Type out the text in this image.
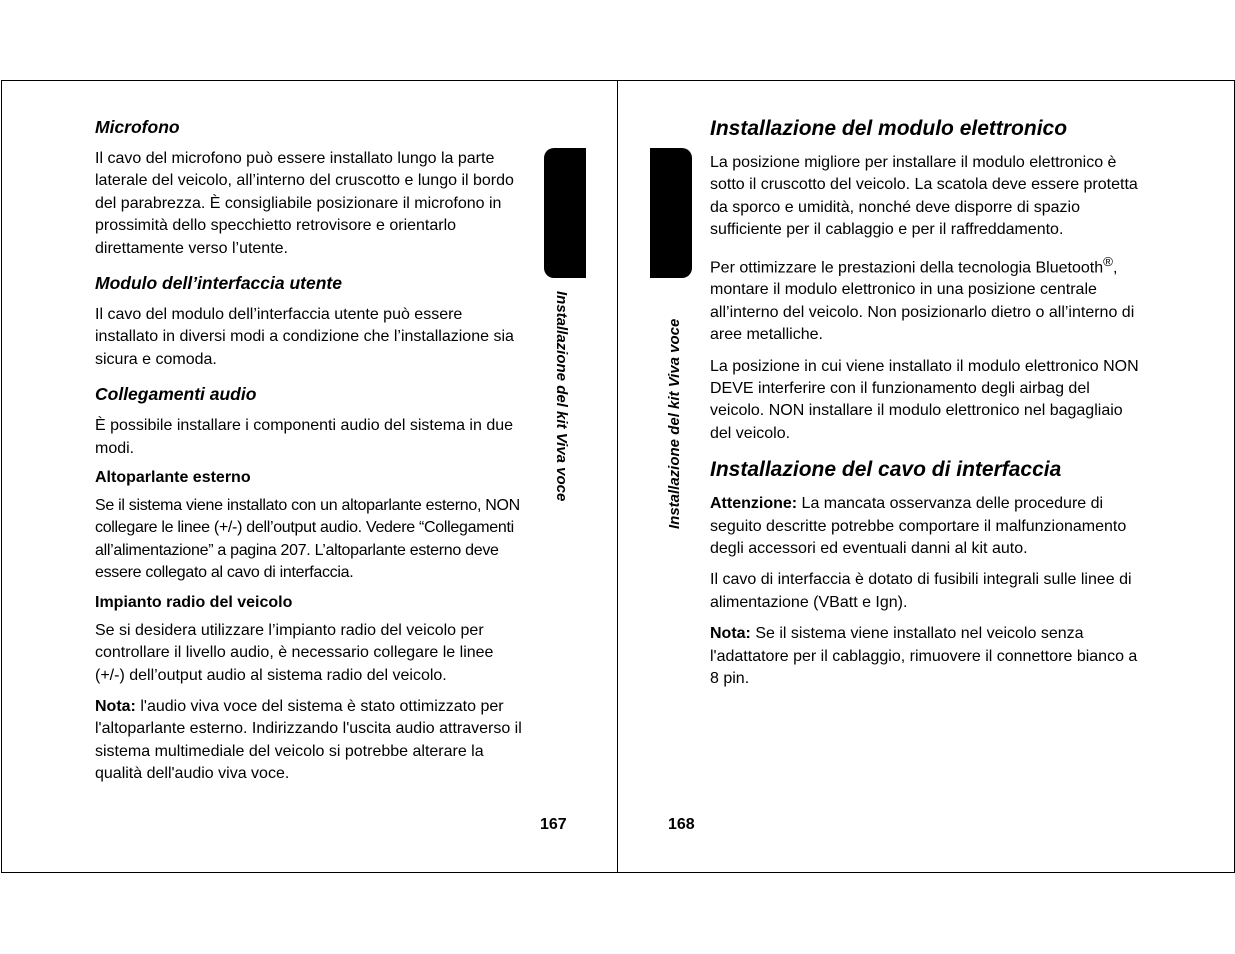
Microfono

Il cavo del microfono può essere installato lungo la parte laterale del veicolo, all’interno del cruscotto e lungo il bordo del parabrezza. È consigliabile posizionare il microfono in prossimità dello specchietto retrovisore e orientarlo direttamente verso l’utente.

Modulo dell’interfaccia utente

Il cavo del modulo dell’interfaccia utente può essere installato in diversi modi a condizione che l’installazione sia sicura e comoda.

Collegamenti audio

È possibile installare i componenti audio del sistema in due modi.

Altoparlante esterno

Se il sistema viene installato con un altoparlante esterno, NON collegare le linee (+/-) dell’output audio. Vedere “Collegamenti all’alimentazione” a pagina 207. L’altoparlante esterno deve essere collegato al cavo di interfaccia.

Impianto radio del veicolo

Se si desidera utilizzare l’impianto radio del veicolo per controllare il livello audio, è necessario collegare le linee (+/-) dell’output audio al sistema radio del veicolo.

Nota: l'audio viva voce del sistema è stato ottimizzato per l'altoparlante esterno. Indirizzando l'uscita audio attraverso il sistema multimediale del veicolo si potrebbe alterare la qualità dell'audio viva voce.

Installazione del kit Viva voce
167
Installazione del modulo elettronico

La posizione migliore per installare il modulo elettronico è sotto il cruscotto del veicolo. La scatola deve essere protetta da sporco e umidità, nonché deve disporre di spazio sufficiente per il cablaggio e per il raffreddamento.

Per ottimizzare le prestazioni della tecnologia Bluetooth®, montare il modulo elettronico in una posizione centrale all’interno del veicolo. Non posizionarlo dietro o all’interno di aree metalliche.

La posizione in cui viene installato il modulo elettronico NON DEVE interferire con il funzionamento degli airbag del veicolo. NON installare il modulo elettronico nel bagagliaio del veicolo.

Installazione del cavo di interfaccia

Attenzione: La mancata osservanza delle procedure di seguito descritte potrebbe comportare il malfunzionamento degli accessori ed eventuali danni al kit auto.

Il cavo di interfaccia è dotato di fusibili integrali sulle linee di alimentazione (VBatt e Ign).

Nota: Se il sistema viene installato nel veicolo senza l'adattatore per il cablaggio, rimuovere il connettore bianco a 8 pin.

Installazione del kit Viva voce
168
